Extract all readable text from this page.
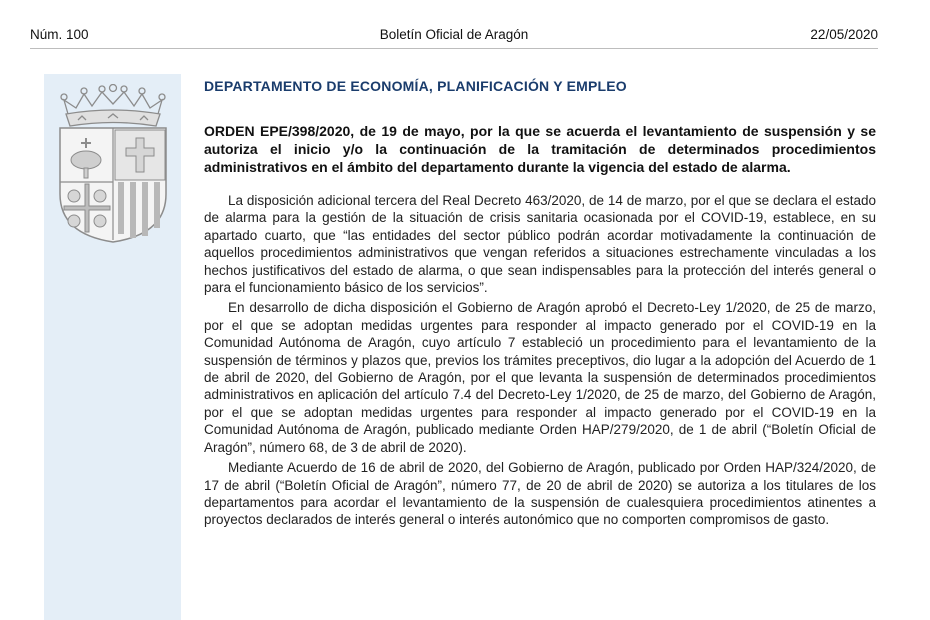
Núm. 100	Boletín Oficial de Aragón	22/05/2020
DEPARTAMENTO DE ECONOMÍA, PLANIFICACIÓN Y EMPLEO

ORDEN EPE/398/2020, de 19 de mayo, por la que se acuerda el levantamiento de suspensión y se autoriza el inicio y/o la continuación de la tramitación de determinados procedimientos administrativos en el ámbito del departamento durante la vigencia del estado de alarma.

La disposición adicional tercera del Real Decreto 463/2020, de 14 de marzo, por el que se declara el estado de alarma para la gestión de la situación de crisis sanitaria ocasionada por el COVID-19, establece, en su apartado cuarto, que “las entidades del sector público podrán acordar motivadamente la continuación de aquellos procedimientos administrativos que vengan referidos a situaciones estrechamente vinculadas a los hechos justificativos del estado de alarma, o que sean indispensables para la protección del interés general o para el funcionamiento básico de los servicios”.

En desarrollo de dicha disposición el Gobierno de Aragón aprobó el Decreto-Ley 1/2020, de 25 de marzo, por el que se adoptan medidas urgentes para responder al impacto generado por el COVID-19 en la Comunidad Autónoma de Aragón, cuyo artículo 7 estableció un procedimiento para el levantamiento de la suspensión de términos y plazos que, previos los trámites preceptivos, dio lugar a la adopción del Acuerdo de 1 de abril de 2020, del Gobierno de Aragón, por el que levanta la suspensión de determinados procedimientos administrativos en aplicación del artículo 7.4 del Decreto-Ley 1/2020, de 25 de marzo, del Gobierno de Aragón, por el que se adoptan medidas urgentes para responder al impacto generado por el COVID-19 en la Comunidad Autónoma de Aragón, publicado mediante Orden HAP/279/2020, de 1 de abril (“Boletín Oficial de Aragón”, número 68, de 3 de abril de 2020).

Mediante Acuerdo de 16 de abril de 2020, del Gobierno de Aragón, publicado por Orden HAP/324/2020, de 17 de abril (“Boletín Oficial de Aragón”, número 77, de 20 de abril de 2020) se autoriza a los titulares de los departamentos para acordar el levantamiento de la suspensión de cualesquiera procedimientos atinentes a proyectos declarados de interés general o interés autonómico que no comporten compromisos de gasto.
